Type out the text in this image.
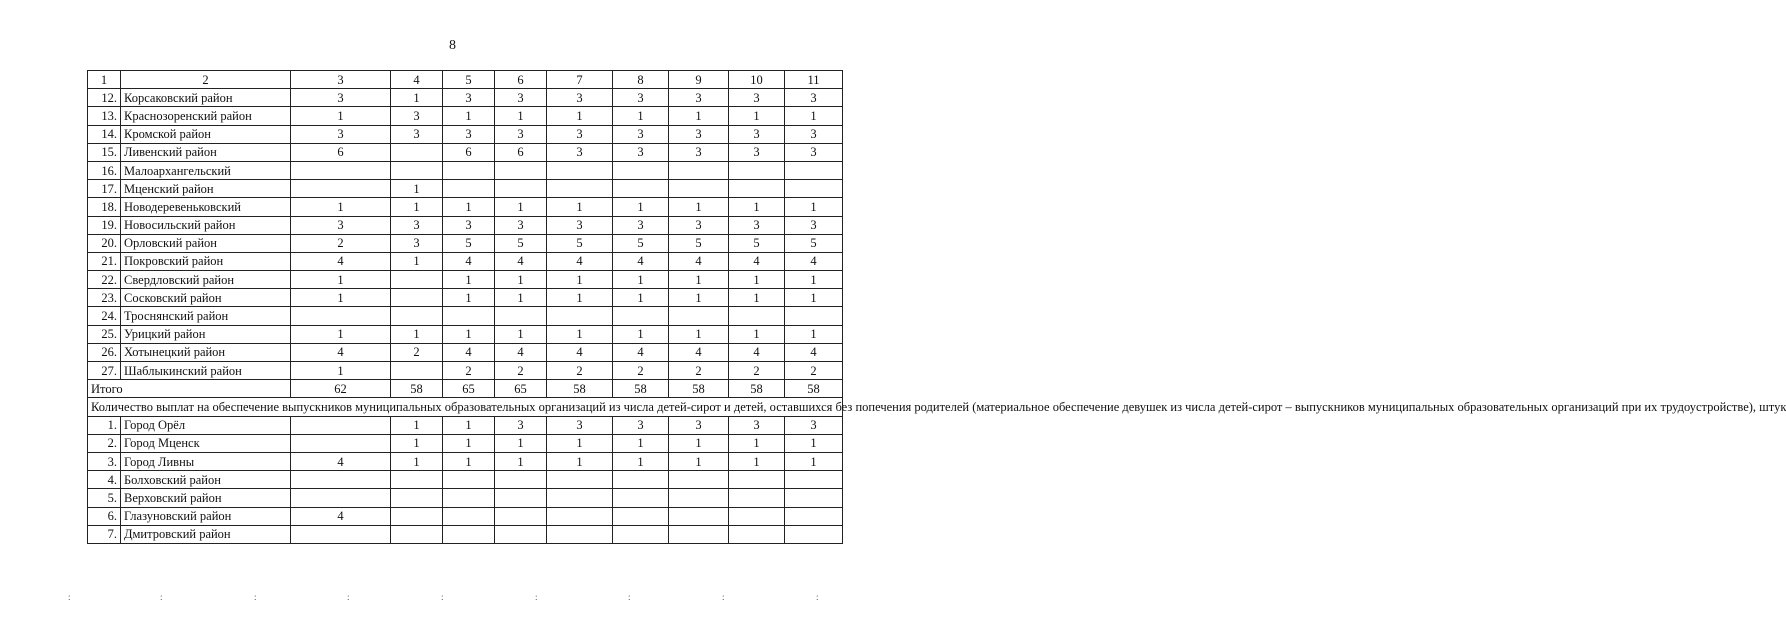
8
1	2	3	4	5	6	7	8	9	10	11
12.	Корсаковский район	3	1	3	3	3	3	3	3	3
13.	Краснозоренский район	1	3	1	1	1	1	1	1	1
14.	Кромской район	3	3	3	3	3	3	3	3	3
15.	Ливенский район	6		6	6	3	3	3	3	3
16.	Малоархангельский									
17.	Мценский район		1							
18.	Новодеревеньковский	1	1	1	1	1	1	1	1	1
19.	Новосильский район	3	3	3	3	3	3	3	3	3
20.	Орловский район	2	3	5	5	5	5	5	5	5
21.	Покровский район	4	1	4	4	4	4	4	4	4
22.	Свердловский район	1		1	1	1	1	1	1	1
23.	Сосковский район	1		1	1	1	1	1	1	1
24.	Троснянский район									
25.	Урицкий район	1	1	1	1	1	1	1	1	1
26.	Хотынецкий район	4	2	4	4	4	4	4	4	4
27.	Шаблыкинский район	1		2	2	2	2	2	2	2
Итого		62	58	65	65	58	58	58	58	58
Количество выплат на обеспечение выпускников муниципальных образовательных организаций из числа детей-сирот и детей, оставшихся без попечения родителей (материальное обеспечение девушек из числа детей-сирот – выпускников муниципальных образовательных организаций при их трудоустройстве), штук										
1.	Город Орёл		1	1	3	3	3	3	3	3
2.	Город Мценск		1	1	1	1	1	1	1	1
3.	Город Ливны	4	1	1	1	1	1	1	1	1
4.	Болховский район									
5.	Верховский район									
6.	Глазуновский район	4								
7.	Дмитровский район									
:	:	:	:	:	:	:	:	:
